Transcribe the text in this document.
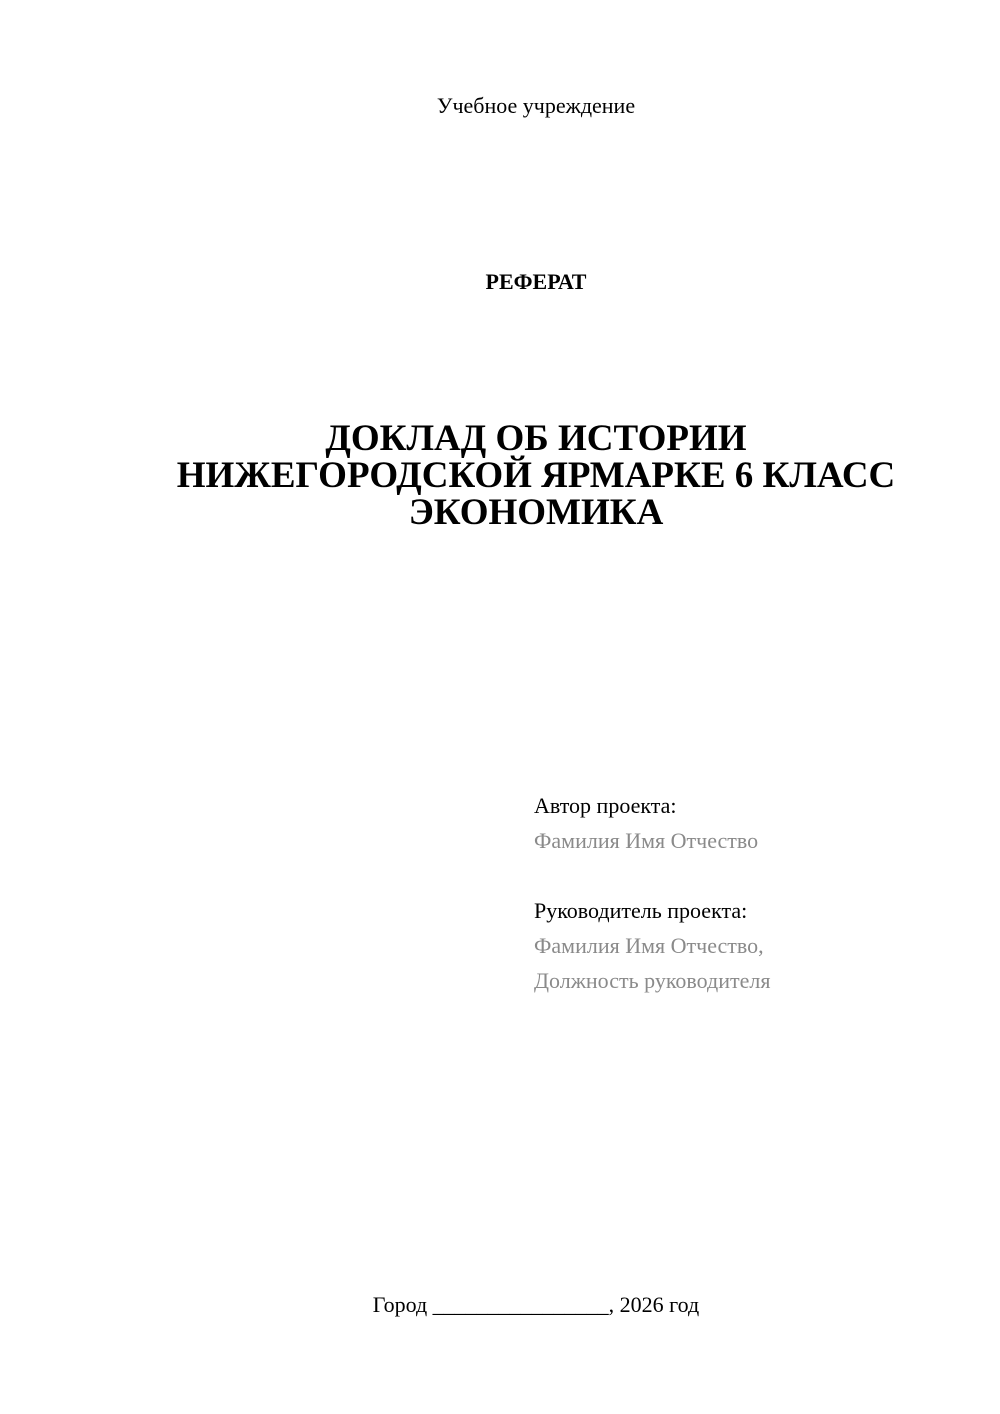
Учебное учреждение
РЕФЕРАТ
ДОКЛАД ОБ ИСТОРИИ
НИЖЕГОРОДСКОЙ ЯРМАРКЕ 6 КЛАСС
ЭКОНОМИКА
Автор проекта:
Фамилия Имя Отчество
Руководитель проекта:
Фамилия Имя Отчество,
Должность руководителя
Город ________________, 2026 год
